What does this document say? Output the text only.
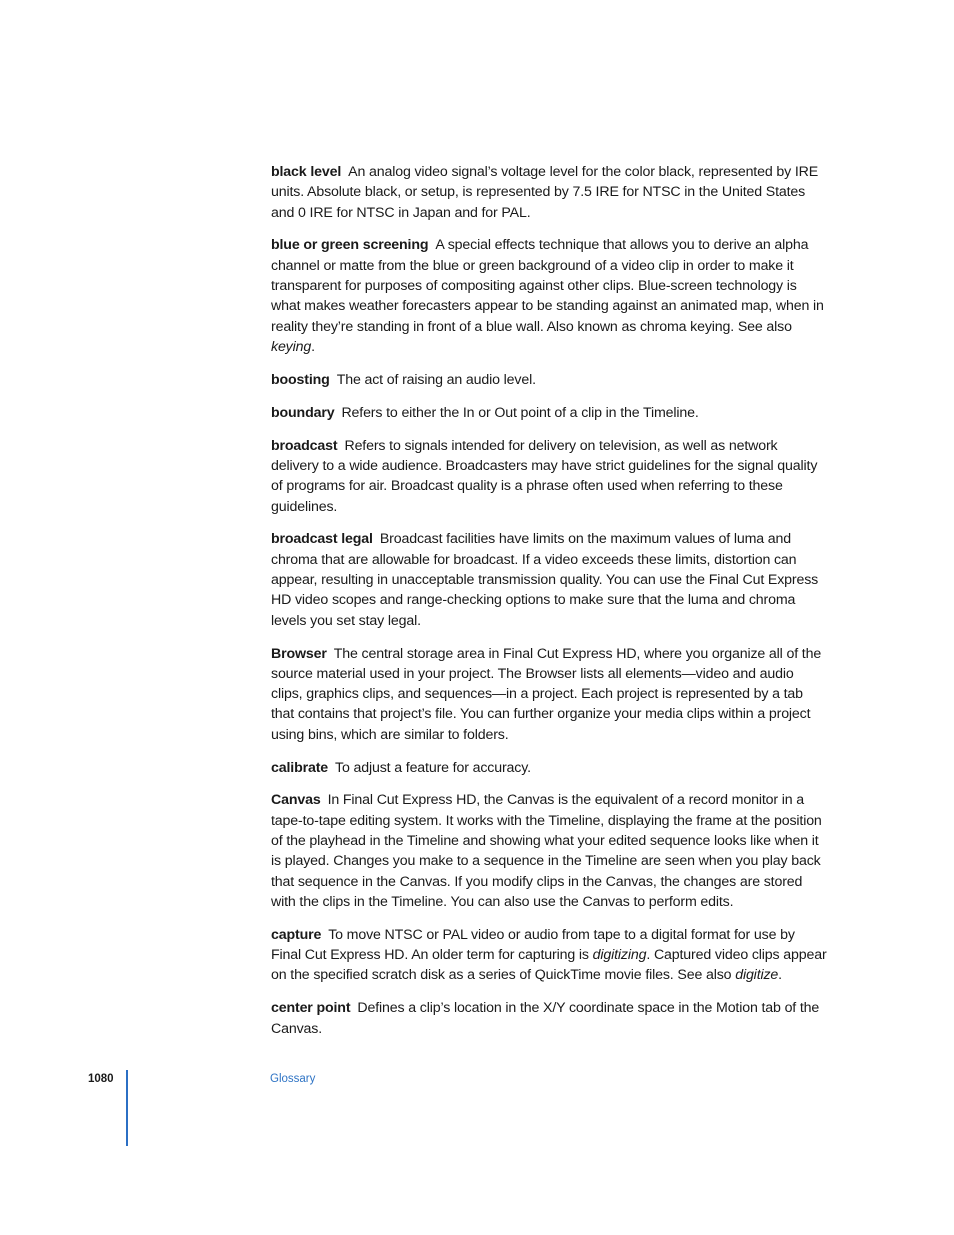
black level An analog video signal’s voltage level for the color black, represented by IRE units. Absolute black, or setup, is represented by 7.5 IRE for NTSC in the United States and 0 IRE for NTSC in Japan and for PAL.

blue or green screening A special effects technique that allows you to derive an alpha channel or matte from the blue or green background of a video clip in order to make it transparent for purposes of compositing against other clips. Blue-screen technology is what makes weather forecasters appear to be standing against an animated map, when in reality they’re standing in front of a blue wall. Also known as chroma keying. See also keying.

boosting The act of raising an audio level.

boundary Refers to either the In or Out point of a clip in the Timeline.

broadcast Refers to signals intended for delivery on television, as well as network delivery to a wide audience. Broadcasters may have strict guidelines for the signal quality of programs for air. Broadcast quality is a phrase often used when referring to these guidelines.

broadcast legal Broadcast facilities have limits on the maximum values of luma and chroma that are allowable for broadcast. If a video exceeds these limits, distortion can appear, resulting in unacceptable transmission quality. You can use the Final Cut Express HD video scopes and range-checking options to make sure that the luma and chroma levels you set stay legal.

Browser The central storage area in Final Cut Express HD, where you organize all of the source material used in your project. The Browser lists all elements—video and audio clips, graphics clips, and sequences—in a project. Each project is represented by a tab that contains that project’s file. You can further organize your media clips within a project using bins, which are similar to folders.

calibrate To adjust a feature for accuracy.

Canvas In Final Cut Express HD, the Canvas is the equivalent of a record monitor in a tape-to-tape editing system. It works with the Timeline, displaying the frame at the position of the playhead in the Timeline and showing what your edited sequence looks like when it is played. Changes you make to a sequence in the Timeline are seen when you play back that sequence in the Canvas. If you modify clips in the Canvas, the changes are stored with the clips in the Timeline. You can also use the Canvas to perform edits.

capture To move NTSC or PAL video or audio from tape to a digital format for use by Final Cut Express HD. An older term for capturing is digitizing. Captured video clips appear on the specified scratch disk as a series of QuickTime movie files. See also digitize.

center point Defines a clip’s location in the X/Y coordinate space in the Motion tab of the Canvas.

1080	Glossary
